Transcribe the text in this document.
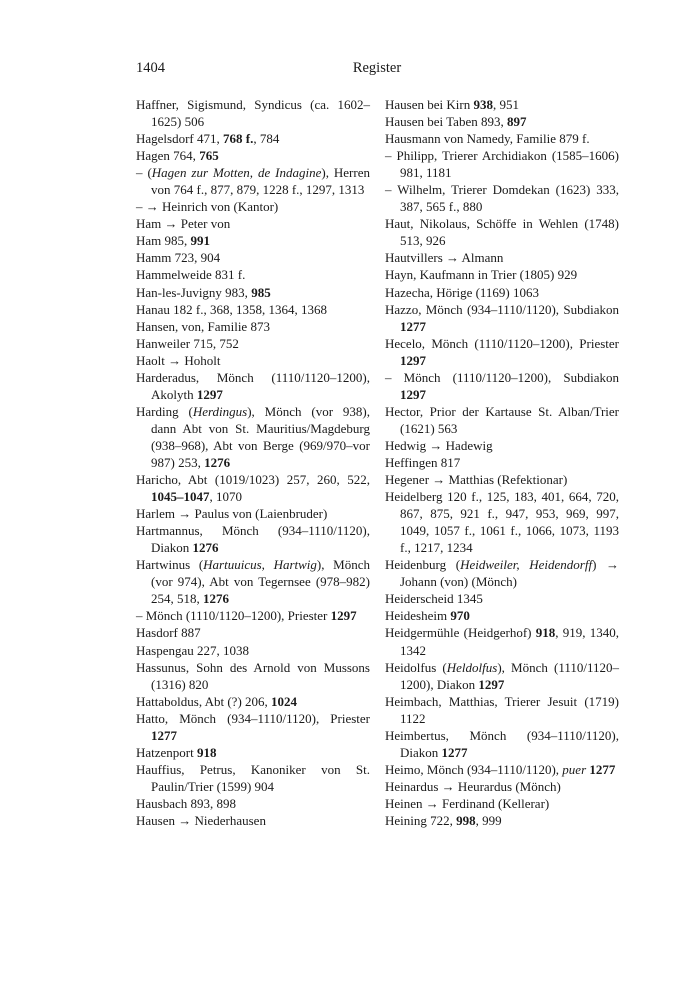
1404	Register
Haffner, Sigismund, Syndicus (ca. 1602–1625) 506
Hagelsdorf 471, 768 f., 784
Hagen 764, 765
– (Hagen zur Motten, de Indagine), Herren von 764 f., 877, 879, 1228 f., 1297, 1313
– → Heinrich von (Kantor)
Ham → Peter von
Ham 985, 991
Hamm 723, 904
Hammelweide 831 f.
Han-les-Juvigny 983, 985
Hanau 182 f., 368, 1358, 1364, 1368
Hansen, von, Familie 873
Hanweiler 715, 752
Haolt → Hoholt
Harderadus, Mönch (1110/1120–1200), Akolyth 1297
Harding (Herdingus), Mönch (vor 938), dann Abt von St. Mauritius/Magdeburg (938–968), Abt von Berge (969/970–vor 987) 253, 1276
Haricho, Abt (1019/1023) 257, 260, 522, 1045–1047, 1070
Harlem → Paulus von (Laienbruder)
Hartmannus, Mönch (934–1110/1120), Diakon 1276
Hartwinus (Hartuuicus, Hartwig), Mönch (vor 974), Abt von Tegernsee (978–982) 254, 518, 1276
– Mönch (1110/1120–1200), Priester 1297
Hasdorf 887
Haspengau 227, 1038
Hassunus, Sohn des Arnold von Mussons (1316) 820
Hattaboldus, Abt (?) 206, 1024
Hatto, Mönch (934–1110/1120), Priester 1277
Hatzenport 918
Hauffius, Petrus, Kanoniker von St. Paulin/Trier (1599) 904
Hausbach 893, 898
Hausen → Niederhausen
Hausen bei Kirn 938, 951
Hausen bei Taben 893, 897
Hausmann von Namedy, Familie 879 f.
– Philipp, Trierer Archidiakon (1585–1606) 981, 1181
– Wilhelm, Trierer Domdekan (1623) 333, 387, 565 f., 880
Haut, Nikolaus, Schöffe in Wehlen (1748) 513, 926
Hautvillers → Almann
Hayn, Kaufmann in Trier (1805) 929
Hazecha, Hörige (1169) 1063
Hazzo, Mönch (934–1110/1120), Subdiakon 1277
Hecelo, Mönch (1110/1120–1200), Priester 1297
– Mönch (1110/1120–1200), Subdiakon 1297
Hector, Prior der Kartause St. Alban/Trier (1621) 563
Hedwig → Hadewig
Heffingen 817
Hegener → Matthias (Refektionar)
Heidelberg 120 f., 125, 183, 401, 664, 720, 867, 875, 921 f., 947, 953, 969, 997, 1049, 1057 f., 1061 f., 1066, 1073, 1193 f., 1217, 1234
Heidenburg (Heidweiler, Heidendorff) → Johann (von) (Mönch)
Heiderscheid 1345
Heidesheim 970
Heidgermühle (Heidgerhof) 918, 919, 1340, 1342
Heidolfus (Heldolfus), Mönch (1110/1120–1200), Diakon 1297
Heimbach, Matthias, Trierer Jesuit (1719) 1122
Heimbertus, Mönch (934–1110/1120), Diakon 1277
Heimo, Mönch (934–1110/1120), puer 1277
Heinardus → Heurardus (Mönch)
Heinen → Ferdinand (Kellerar)
Heining 722, 998, 999
